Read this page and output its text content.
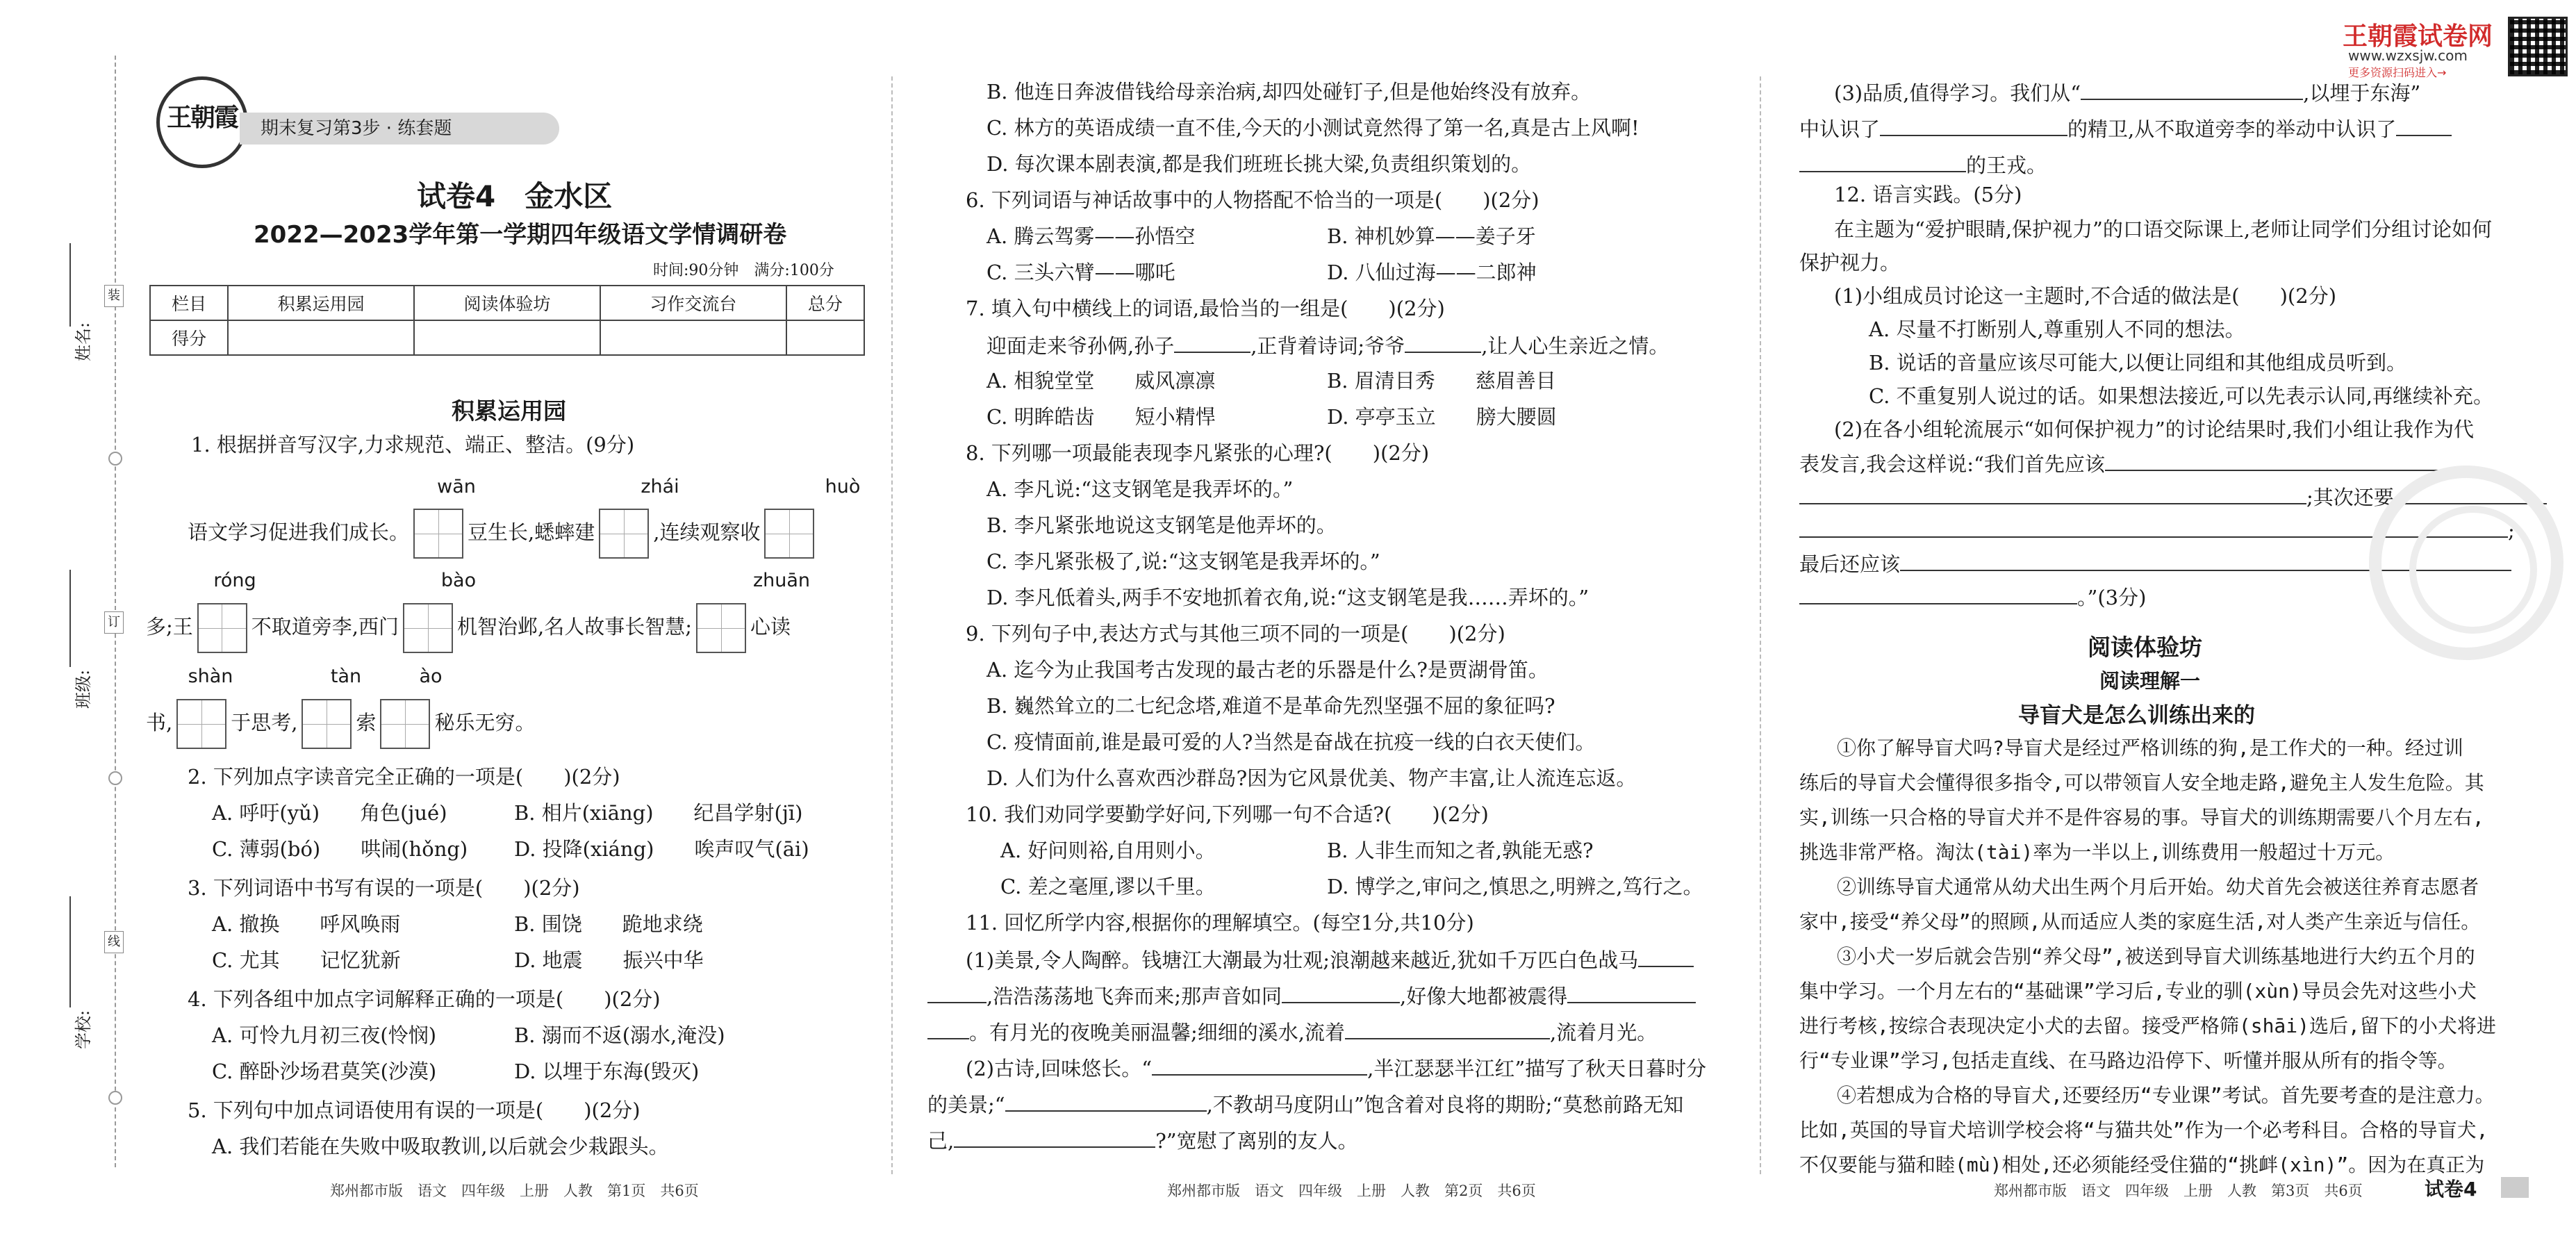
装
订
线
姓名:
班级:
学校:
王朝霞	期末复习第3步 · 练套题
试卷4　金水区
2022—2023学年第一学期四年级语文学情调研卷
时间:90分钟　满分:100分
栏目	积累运用园	阅读体验坊	习作交流台	总分
得分				
积累运用园
1. 根据拼音写汉字,力求规范、端正、整洁。(9分)
wān	zhái	huò
语文学习促进我们成长。	豆生长,蟋蟀建	,连续观察收
róng	bào	zhuān
多;王	不取道旁李,西门	机智治邺,名人故事长智慧;	心读
shàn	tàn	ào
书,	于思考,	索	秘乐无穷。
2. 下列加点字读音完全正确的一项是(　　)(2分)
A. 呼吁(yǔ)　　角色(jué)	B. 相片(xiāng)　　纪昌学射(jī)
C. 薄弱(bó)　　哄闹(hǒng) D. 投降(xiáng)　　唉声叹气(āi)
3. 下列词语中书写有误的一项是(　　)(2分)
A. 撤换　　呼风唤雨	B. 围饶　　跪地求绕
C. 尤其　　记忆犹新	D. 地震　　振兴中华
4. 下列各组中加点字词解释正确的一项是(　　)(2分)
A. 可怜九月初三夜(怜悯)	B. 溺而不返(溺水,淹没)
C. 醉卧沙场君莫笑(沙漠)	D. 以埋于东海(毁灭)
5. 下列句中加点词语使用有误的一项是(　　)(2分)
A. 我们若能在失败中吸取教训,以后就会少栽跟头。
郑州都市版　语文　四年级　上册　人教　第1页　共6页
B. 他连日奔波借钱给母亲治病,却四处碰钉子,但是他始终没有放弃。
C. 林方的英语成绩一直不佳,今天的小测试竟然得了第一名,真是古上风啊!
D. 每次课本剧表演,都是我们班班长挑大梁,负责组织策划的。
6. 下列词语与神话故事中的人物搭配不恰当的一项是(　　)(2分)
A. 腾云驾雾——孙悟空	B. 神机妙算——姜子牙
C. 三头六臂——哪吒	D. 八仙过海——二郎神
7. 填入句中横线上的词语,最恰当的一组是(　　)(2分)
迎面走来爷孙俩,孙子	,正背着诗词;爷爷	,让人心生亲近之情。
A. 相貌堂堂　　威风凛凛	B. 眉清目秀　　慈眉善目
C. 明眸皓齿　　短小精悍	D. 亭亭玉立　　膀大腰圆
8. 下列哪一项最能表现李凡紧张的心理?(　　)(2分)
A. 李凡说:“这支钢笔是我弄坏的。”
B. 李凡紧张地说这支钢笔是他弄坏的。
C. 李凡紧张极了,说:“这支钢笔是我弄坏的。”
D. 李凡低着头,两手不安地抓着衣角,说:“这支钢笔是我……弄坏的。”
9. 下列句子中,表达方式与其他三项不同的一项是(　　)(2分)
A. 迄今为止我国考古发现的最古老的乐器是什么?是贾湖骨笛。
B. 巍然耸立的二七纪念塔,难道不是革命先烈坚强不屈的象征吗?
C. 疫情面前,谁是最可爱的人?当然是奋战在抗疫一线的白衣天使们。
D. 人们为什么喜欢西沙群岛?因为它风景优美、物产丰富,让人流连忘返。
10. 我们劝同学要勤学好问,下列哪一句不合适?(　　)(2分)
A. 好问则裕,自用则小。	B. 人非生而知之者,孰能无惑?
C. 差之毫厘,谬以千里。	D. 博学之,审问之,慎思之,明辨之,笃行之。
11. 回忆所学内容,根据你的理解填空。(每空1分,共10分)
(1)美景,令人陶醉。钱塘江大潮最为壮观;浪潮越来越近,犹如千万匹白色战马
,浩浩荡荡地飞奔而来;那声音如同	,好像大地都被震得
。有月光的夜晚美丽温馨;细细的溪水,流着	,流着月光。
(2)古诗,回味悠长。“	,半江瑟瑟半江红”描写了秋天日暮时分
的美景;“	,不教胡马度阴山”饱含着对良将的期盼;“莫愁前路无知
己,	?”宽慰了离别的友人。
郑州都市版　语文　四年级　上册　人教　第2页　共6页
(3)品质,值得学习。我们从“	,以埋于东海”
中认识了	的精卫,从不取道旁李的举动中认识了
的王戎。
12. 语言实践。(5分)
在主题为“爱护眼睛,保护视力”的口语交际课上,老师让同学们分组讨论如何
保护视力。
(1)小组成员讨论这一主题时,不合适的做法是(　　)(2分)
A. 尽量不打断别人,尊重别人不同的想法。
B. 说话的音量应该尽可能大,以便让同组和其他组成员听到。
C. 不重复别人说过的话。如果想法接近,可以先表示认同,再继续补充。
(2)在各小组轮流展示“如何保护视力”的讨论结果时,我们小组让我作为代
表发言,我会这样说:“我们首先应该
;其次还要
;
最后还应该
。”(3分)
阅读体验坊
阅读理解一
导盲犬是怎么训练出来的
①你了解导盲犬吗?导盲犬是经过严格训练的狗,是工作犬的一种。经过训
练后的导盲犬会懂得很多指令,可以带领盲人安全地走路,避免主人发生危险。其
实,训练一只合格的导盲犬并不是件容易的事。导盲犬的训练期需要八个月左右,
挑选非常严格。淘汰(tài)率为一半以上,训练费用一般超过十万元。
②训练导盲犬通常从幼犬出生两个月后开始。幼犬首先会被送往养育志愿者
家中,接受“养父母”的照顾,从而适应人类的家庭生活,对人类产生亲近与信任。
③小犬一岁后就会告别“养父母”,被送到导盲犬训练基地进行大约五个月的
集中学习。一个月左右的“基础课”学习后,专业的驯(xùn)导员会先对这些小犬
进行考核,按综合表现决定小犬的去留。接受严格筛(shāi)选后,留下的小犬将进
行“专业课”学习,包括走直线、在马路边沿停下、听懂并服从所有的指令等。
④若想成为合格的导盲犬,还要经历“专业课”考试。首先要考查的是注意力。
比如,英国的导盲犬培训学校会将“与猫共处”作为一个必考科目。合格的导盲犬,
不仅要能与猫和睦(mù)相处,还必须能经受住猫的“挑衅(xìn)”。因为在真正为
王朝霞试卷网
www.wzxsjw.com
更多资源扫码进入→
郑州都市版　语文　四年级　上册　人教　第3页　共6页	试卷4
